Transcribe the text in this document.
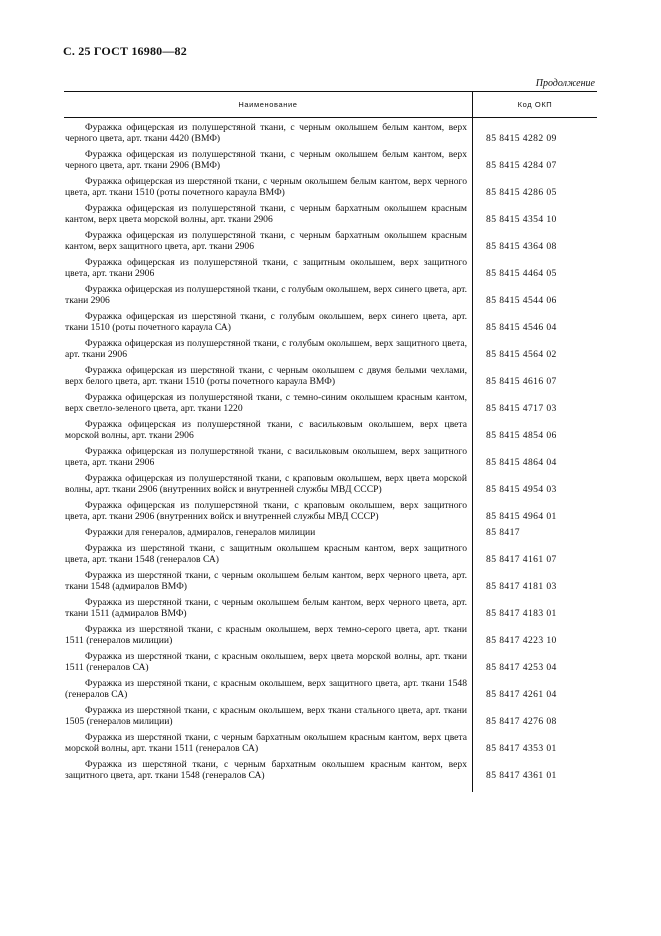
С. 25 ГОСТ 16980—82
Продолжение
Наименование	Код ОКП
Фуражка офицерская из полушерстяной ткани, с черным околышем белым кантом, верх черного цвета, арт. ткани 4420 (ВМФ)	85 8415 4282 09
Фуражка офицерская из полушерстяной ткани, с черным околышем белым кантом, верх черного цвета, арт. ткани 2906 (ВМФ)	85 8415 4284 07
Фуражка офицерская из шерстяной ткани, с черным околышем белым кантом, верх черного цвета, арт. ткани 1510 (роты почетного караула ВМФ)	85 8415 4286 05
Фуражка офицерская из полушерстяной ткани, с черным бархатным околышем красным кантом, верх цвета морской волны, арт. ткани 2906	85 8415 4354 10
Фуражка офицерская из полушерстяной ткани, с черным бархатным околышем красным кантом, верх защитного цвета, арт. ткани 2906	85 8415 4364 08
Фуражка офицерская из полушерстяной ткани, с защитным околышем, верх защитного цвета, арт. ткани 2906	85 8415 4464 05
Фуражка офицерская из полушерстяной ткани, с голубым околышем, верх синего цвета, арт. ткани 2906	85 8415 4544 06
Фуражка офицерская из шерстяной ткани, с голубым околышем, верх синего цвета, арт. ткани 1510 (роты почетного караула СА)	85 8415 4546 04
Фуражка офицерская из полушерстяной ткани, с голубым околышем, верх защитного цвета, арт. ткани 2906	85 8415 4564 02
Фуражка офицерская из шерстяной ткани, с черным околышем с двумя белыми чехлами, верх белого цвета, арт. ткани 1510 (роты почетного караула ВМФ)	85 8415 4616 07
Фуражка офицерская из полушерстяной ткани, с темно-синим околышем красным кантом, верх светло-зеленого цвета, арт. ткани 1220	85 8415 4717 03
Фуражка офицерская из полушерстяной ткани, с васильковым околышем, верх цвета морской волны, арт. ткани 2906	85 8415 4854 06
Фуражка офицерская из полушерстяной ткани, с васильковым околышем, верх защитного цвета, арт. ткани 2906	85 8415 4864 04
Фуражка офицерская из полушерстяной ткани, с краповым околышем, верх цвета морской волны, арт. ткани 2906 (внутренних войск и внутренней службы МВД СССР)	85 8415 4954 03
Фуражка офицерская из полушерстяной ткани, с краповым околышем, верх защитного цвета, арт. ткани 2906 (внутренних войск и внутренней службы МВД СССР)	85 8415 4964 01
Фуражки для генералов, адмиралов, генералов милиции	85 8417
Фуражка из шерстяной ткани, с защитным околышем красным кантом, верх защитного цвета, арт. ткани 1548 (генералов СА)	85 8417 4161 07
Фуражка из шерстяной ткани, с черным околышем белым кантом, верх черного цвета, арт. ткани 1548 (адмиралов ВМФ)	85 8417 4181 03
Фуражка из шерстяной ткани, с черным околышем белым кантом, верх черного цвета, арт. ткани 1511 (адмиралов ВМФ)	85 8417 4183 01
Фуражка из шерстяной ткани, с красным околышем, верх темно-серого цвета, арт. ткани 1511 (генералов милиции)	85 8417 4223 10
Фуражка из шерстяной ткани, с красным околышем, верх цвета морской волны, арт. ткани 1511 (генералов СА)	85 8417 4253 04
Фуражка из шерстяной ткани, с красным околышем, верх защитного цвета, арт. ткани 1548 (генералов СА)	85 8417 4261 04
Фуражка из шерстяной ткани, с красным околышем, верх ткани стального цвета, арт. ткани 1505 (генералов милиции)	85 8417 4276 08
Фуражка из шерстяной ткани, с черным бархатным околышем красным кантом, верх цвета морской волны, арт. ткани 1511 (генералов СА)	85 8417 4353 01
Фуражка из шерстяной ткани, с черным бархатным околышем красным кантом, верх защитного цвета, арт. ткани 1548 (генералов СА)	85 8417 4361 01
